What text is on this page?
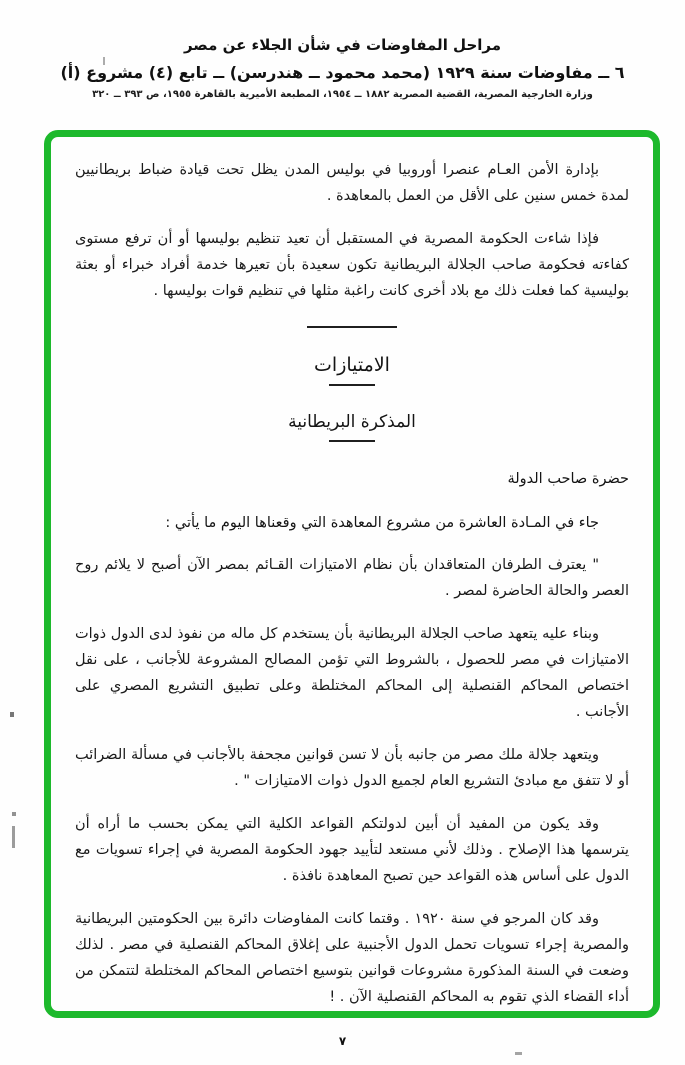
مراحل المفاوضات في شأن الجلاء عن مصر
٦ ــ مفاوضات سنة ١٩٢٩ (محمد محمود ــ هندرسن) ــ تابع (٤) مشروع (أ)
وزارة الخارجية المصرية، القضية المصرية ١٨٨٢ ــ ١٩٥٤، المطبعة الأميرية بالقاهرة ١٩٥٥، ص ٣٩٣ ــ ٣٢٠

بإدارة الأمن العـام عنصرا أوروبيا في بوليس المدن يظل تحت قيادة ضباط بريطانيين لمدة خمس سنين على الأقل من العمل بالمعاهدة .

فإذا شاءت الحكومة المصرية في المستقبل أن تعيد تنظيم بوليسها أو أن ترفع مستوى كفاءته فحكومة صاحب الجلالة البريطانية تكون سعيدة بأن تعيرها خدمة أفراد خبراء أو بعثة بوليسية كما فعلت ذلك مع بلاد أخرى كانت راغبة مثلها في تنظيم قوات بوليسها .

الامتيازات
المذكرة البريطانية

حضرة صاحب الدولة

جاء في المـادة العاشرة من مشروع المعاهدة التي وقعناها اليوم ما يأتي :

" يعترف الطرفان المتعاقدان بأن نظام الامتيازات القـائم بمصر الآن أصبح لا يلائم روح العصر والحالة الحاضرة لمصر .

وبناء عليه يتعهد صاحب الجلالة البريطانية بأن يستخدم كل ماله من نفوذ لدى الدول ذوات الامتيازات في مصر للحصول ، بالشروط التي تؤمن المصالح المشروعة للأجانب ، على نقل اختصاص المحاكم القنصلية إلى المحاكم المختلطة وعلى تطبيق التشريع المصري على الأجانب .

ويتعهد جلالة ملك مصر من جانبه بأن لا تسن قوانين مجحفة بالأجانب في مسألة الضرائب أو لا تتفق مع مبادئ التشريع العام لجميع الدول ذوات الامتيازات " .

وقد يكون من المفيد أن أبين لدولتكم القواعد الكلية التي يمكن بحسب ما أراه أن يترسمها هذا الإصلاح . وذلك لأني مستعد لتأييد جهود الحكومة المصرية في إجراء تسويات مع الدول على أساس هذه القواعد حين تصبح المعاهدة نافذة .

وقد كان المرجو في سنة ١٩٢٠ . وقتما كانت المفاوضات دائرة بين الحكومتين البريطانية والمصرية إجراء تسويات تحمل الدول الأجنبية على إغلاق المحاكم القنصلية في مصر . لذلك وضعت في السنة المذكورة مشروعات قوانين بتوسيع اختصاص المحاكم المختلطة لتتمكن من أداء القضاء الذي تقوم به المحاكم القنصلية الآن . !

٧
